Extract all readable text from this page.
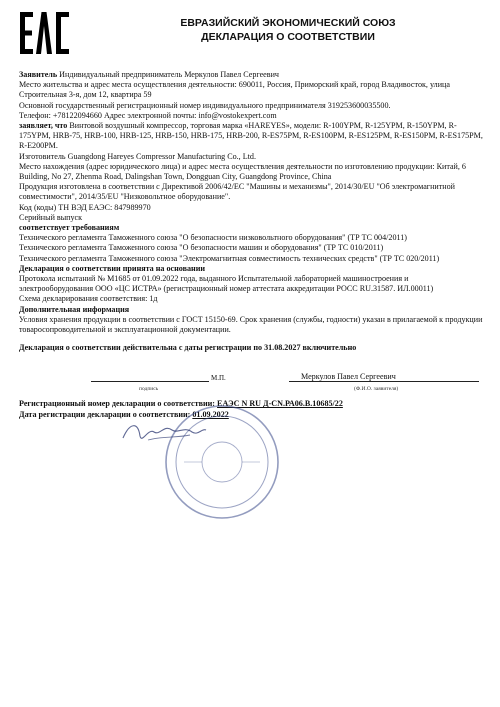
ЕВРАЗИЙСКИЙ ЭКОНОМИЧЕСКИЙ СОЮЗ
ДЕКЛАРАЦИЯ О СООТВЕТСТВИИ

Заявитель Индивидуальный предприниматель Меркулов Павел Сергеевич

Место жительства и адрес места осуществления деятельности: 690011, Россия, Приморский край, город Владивосток, улица Строительная 3-я, дом 12, квартира 59

Основной государственный регистрационный номер индивидуального предпринимателя 319253600035500.

Телефон: +78122094660 Адрес электронной почты: info@vostokexpert.com

заявляет, что Винтовой воздушный компрессор, торговая марка «HAREYES», модели: R-100YPM, R-125YPM, R-150YPM, R-175YPM, HRB-75, HRB-100, HRB-125, HRB-150, HRB-175, HRB-200, R-ES75PM, R-ES100PM, R-ES125PM, R-ES150PM, R-ES175PM, R-E200PM.

Изготовитель Guangdong Hareyes Compressor Manufacturing Co., Ltd.

Место нахождения (адрес юридического лица) и адрес места осуществления деятельности по изготовлению продукции: Китай, 6 Building, No 27, Zhenma Road, Dalingshan Town, Dongguan City, Guangdong Province, China

Продукция изготовлена в соответствии с Директивой 2006/42/EC "Машины и механизмы", 2014/30/EU "Об электромагнитной совместимости", 2014/35/EU "Низковольтное оборудование".

Код (коды) ТН ВЭД ЕАЭС: 847989970

Серийный выпуск

соответствует требованиям

Технического регламента Таможенного союза "О безопасности низковольтного оборудования" (ТР ТС 004/2011)

Технического регламента Таможенного союза "О безопасности машин и оборудования" (ТР ТС 010/2011)

Технического регламента Таможенного союза "Электромагнитная совместимость технических средств" (ТР ТС 020/2011)

Декларация о соответствии принята на основании

Протокола испытаний № M1685 от 01.09.2022 года, выданного Испытательной лабораторией машиностроения и электрооборудования ООО «ЦС ИСТРА» (регистрационный номер аттестата аккредитации РОСС RU.31587. ИЛ.00011)

Схема декларирования соответствия: 1д

Дополнительная информация

Условия хранения продукции в соответствии с ГОСТ 15150-69. Срок хранения (службы, годности) указан в прилагаемой к продукции товаросопроводительной и эксплуатационной документации.

Декларация о соответствии действительна с даты регистрации по 31.08.2027 включительно

подпись
М.П.	Меркулов Павел Сергеевич
(Ф.И.О. заявителя)

Регистрационный номер декларации о соответствии: ЕАЭС N RU Д-CN.РА06.В.10685/22

Дата регистрации декларации о соответствии: 01.09.2022
